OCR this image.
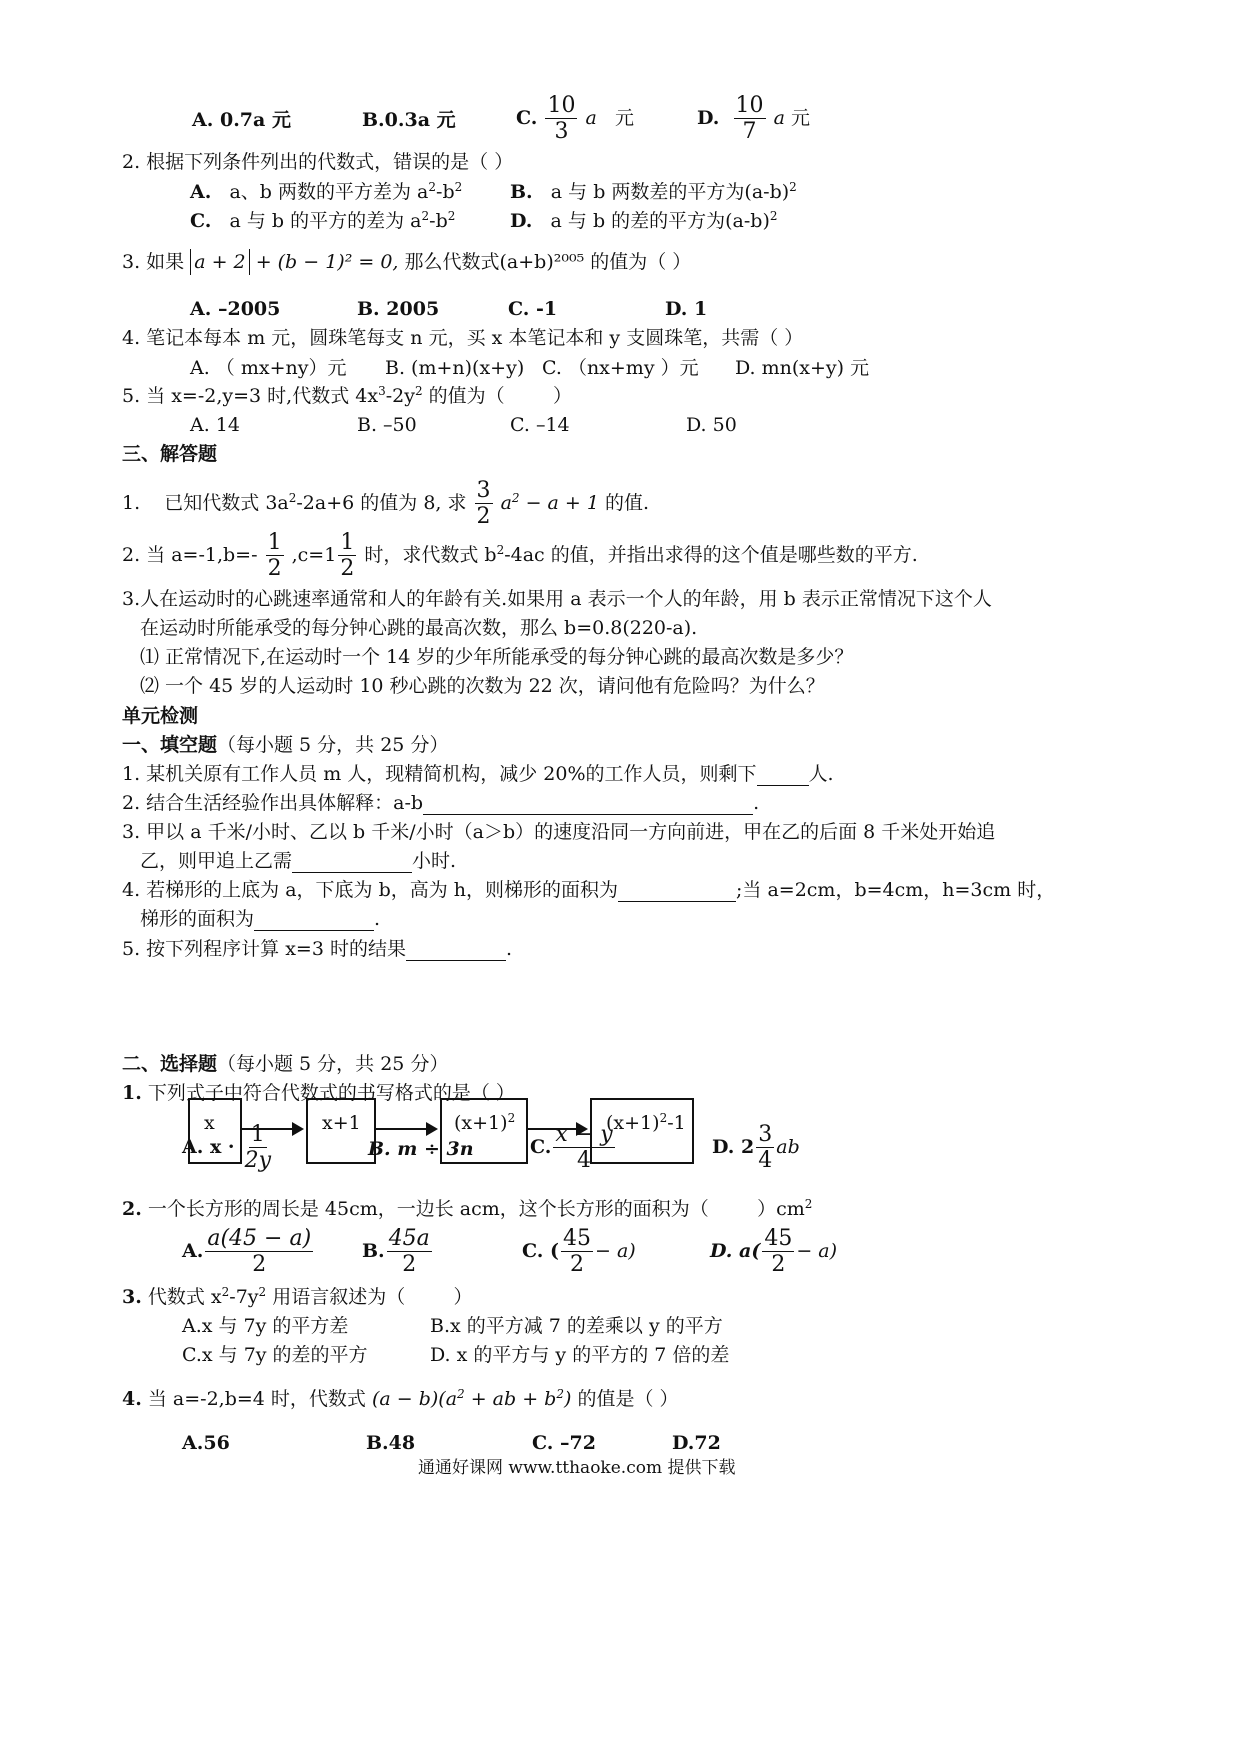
A. 0.7a 元	B.0.3a 元	C. $\frac{10}{3}$ a 元	D. $\frac{10}{7}$ a 元
2. 根据下列条件列出的代数式，错误的是（ ）
A.   a、b 两数的平方差为 $a^2-b^2$	B.   a 与 b 两数差的平方为$(a-b)^2$
C.   a 与 b 的平方的差为 $a^2-b^2$	D.   a 与 b 的差的平方为$(a-b)^2$
3. 如果 a + 2 + (b − 1)² = 0, 那么代数式(a+b)²⁰⁰⁵ 的值为（ ）
A. –2005	B. 2005	C. -1	D. 1
4. 笔记本每本 m 元，圆珠笔每支 n 元，买 x 本笔记本和 y 支圆珠笔，共需（ ）
A. （ mx+ny）元 B. (m+n)(x+y) C. （nx+my ）元 D. mn(x+y) 元
5. 当 x=-2,y=3 时,代数式 $4x^3-2y^2$ 的值为（        ）
A. 14	B. –50	C. –14	D. 50
三、解答题
1.    已知代数式 $3a^2-2a+6$ 的值为 8, 求 $\frac{3}{2} a^2 - a + 1$ 的值.
2. 当 $a=-1,b=- \frac{1}{2} ,c=1 \frac{1}{2}$ 时，求代数式 $b^2-4ac$ 的值，并指出求得的这个值是哪些数的平方.
3.人在运动时的心跳速率通常和人的年龄有关.如果用 a 表示一个人的年龄，用 b 表示正常情况下这个人
在运动时所能承受的每分钟心跳的最高次数，那么 b=0.8(220-a).
⑴ 正常情况下,在运动时一个 14 岁的少年所能承受的每分钟心跳的最高次数是多少？
⑵ 一个 45 岁的人运动时 10 秒心跳的次数为 22 次，请问他有危险吗？为什么？
单元检测
一、填空题（每小题 5 分，共 25 分）
1. 某机关原有工作人员 m 人，现精简机构，减少 20%的工作人员，则剩下	人.
2. 结合生活经验作出具体解释：a-b	.
3. 甲以 a 千米/小时、乙以 b 千米/小时（a＞b）的速度沿同一方向前进，甲在乙的后面 8 千米处开始追
乙，则甲追上乙需	小时.
4. 若梯形的上底为 a，下底为 b，高为 h，则梯形的面积为	;当 a=2cm，b=4cm，h=3cm 时，
梯形的面积为	.
5. 按下列程序计算 x=3 时的结果	.
x	x+1	$(x+1)^2$	$(x+1)^2-1$
二、选择题（每小题 5 分，共 25 分）
1. 下列式子中符合代数式的书写格式的是（ ）
A. $x \cdot \frac{1}{2y}$	B. m ÷ 3n	C. $\frac{x - y}{4}$	D. $2 \frac{3}{4}$ ab
2. 一个长方形的周长是 45cm，一边长 acm，这个长方形的面积为（        ）$cm^2$
A. $\frac{a(45 - a)}{2}$	B. $\frac{45a}{2}$	C. ( $\frac{45}{2} - a$)	D. $a( \frac{45}{2} - a)$
3. 代数式 $x^2-7y^2$ 用语言叙述为（        ）
A.x 与 7y 的平方差	B.x 的平方减 7 的差乘以 y 的平方
C.x 与 7y 的差的平方	D. x 的平方与 y 的平方的 7 倍的差
4. 当 a=-2,b=4 时，代数式 $(a - b)(a^2$ + ab + $b^2$) 的值是（ ）
A.56	B.48	C. –72	D.72
通通好课网 www.tthaoke.com 提供下载
